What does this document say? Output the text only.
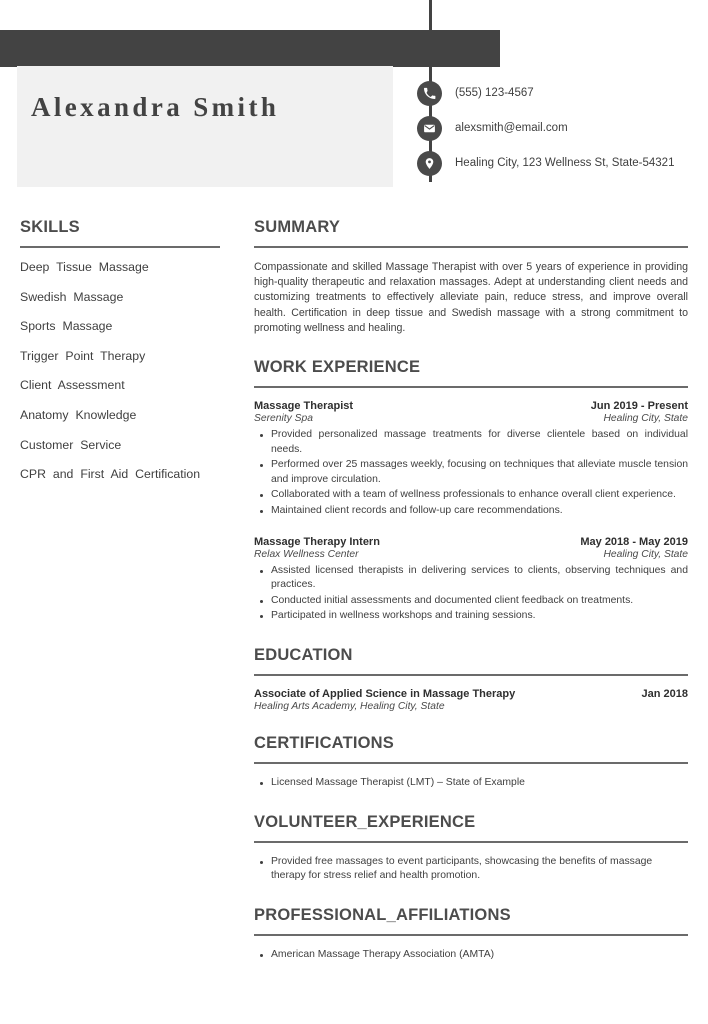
Alexandra Smith	(555) 123-4567
alexsmith@email.com
Healing City, 123 Wellness St, State-54321
SKILLS
Deep Tissue Massage
Swedish Massage
Sports Massage
Trigger Point Therapy
Client Assessment
Anatomy Knowledge
Customer Service
CPR and First Aid Certification
SUMMARY

Compassionate and skilled Massage Therapist with over 5 years of experience in providing high-quality therapeutic and relaxation massages. Adept at understanding client needs and customizing treatments to effectively alleviate pain, reduce stress, and improve overall health. Certification in deep tissue and Swedish massage with a strong commitment to promoting wellness and healing.

WORK EXPERIENCE
Massage Therapist	Jun 2019 - Present
Serenity Spa	Healing City, State
Provided personalized massage treatments for diverse clientele based on individual needs.
Performed over 25 massages weekly, focusing on techniques that alleviate muscle tension and improve circulation.
Collaborated with a team of wellness professionals to enhance overall client experience.
Maintained client records and follow-up care recommendations.
Massage Therapy Intern	May 2018 - May 2019
Relax Wellness Center	Healing City, State
Assisted licensed therapists in delivering services to clients, observing techniques and practices.
Conducted initial assessments and documented client feedback on treatments.
Participated in wellness workshops and training sessions.
EDUCATION
Associate of Applied Science in Massage Therapy	Jan 2018
Healing Arts Academy, Healing City, State
CERTIFICATIONS
Licensed Massage Therapist (LMT) – State of Example
VOLUNTEER_EXPERIENCE
Provided free massages to event participants, showcasing the benefits of massage therapy for stress relief and health promotion.
PROFESSIONAL_AFFILIATIONS
American Massage Therapy Association (AMTA)
